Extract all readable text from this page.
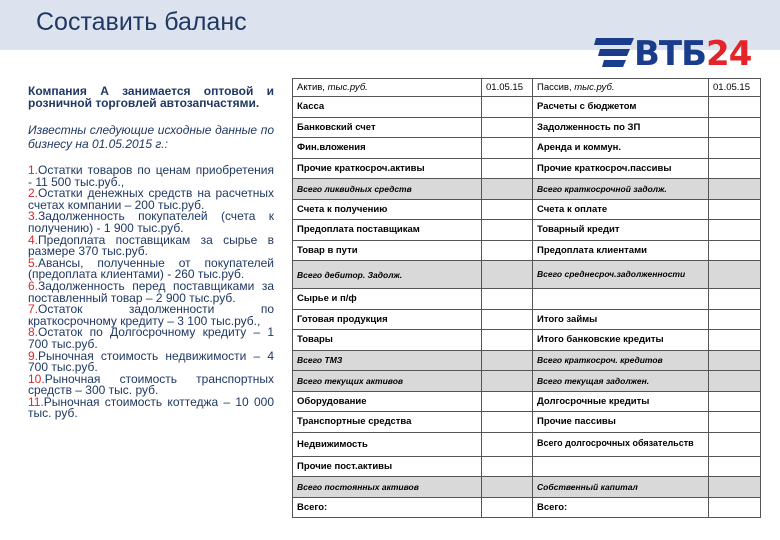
Составить баланс
ВТБ24
Компания А занимается оптовой и розничной торговлей автозапчастями.
Известны следующие исходные данные по бизнесу на 01.05.2015 г.:
1.Остатки товаров по ценам приобретения - 11 500 тыс.руб.,
2.Остатки денежных средств на расчетных счетах компании – 200 тыс.руб.
3.Задолженность покупателей (счета к получению) - 1 900 тыс.руб.
4.Предоплата поставщикам за сырье в размере 370 тыс.руб.
5.Авансы, полученные от покупателей (предоплата клиентами) - 260 тыс.руб.
6.Задолженность перед поставщиками за поставленный товар – 2 900 тыс.руб.
7.Остаток задолженности по краткосрочному кредиту – 3 100 тыс.руб.,
8.Остаток по Долгосрочному кредиту – 1 700 тыс.руб.
9.Рыночная стоимость недвижимости – 4 700 тыс.руб.
10.Рыночная стоимость транспортных средств – 300 тыс. руб.
11.Рыночная стоимость коттеджа – 10 000 тыс. руб.
Актив, тыс.руб.	01.05.15	Пассив, тыс.руб.	01.05.15
Касса		Расчеты с бюджетом	
Банковский счет		Задолженность по ЗП	
Фин.вложения		Аренда и коммун.	
Прочие краткосроч.активы		Прочие краткосроч.пассивы	
Всего ликвидных средств		Всего краткосрочной задолж.	
Счета к получению		Счета к оплате	
Предоплата поставщикам		Товарный кредит	
Товар в пути		Предоплата клиентами	
Всего дебитор. Задолж.		Всего среднесроч.задолженности	
Сырье и п/ф			
Готовая продукция		Итого займы	
Товары		Итого банковские кредиты	
Всего ТМЗ		Всего краткосроч. кредитов	
Всего текущих активов		Всего текущая задолжен.	
Оборудование		Долгосрочные кредиты	
Транспортные средства		Прочие пассивы	
Недвижимость		Всего долгосрочных обязательств	
Прочие пост.активы			
Всего постоянных активов		Собственный капитал	
Всего:		Всего:	
